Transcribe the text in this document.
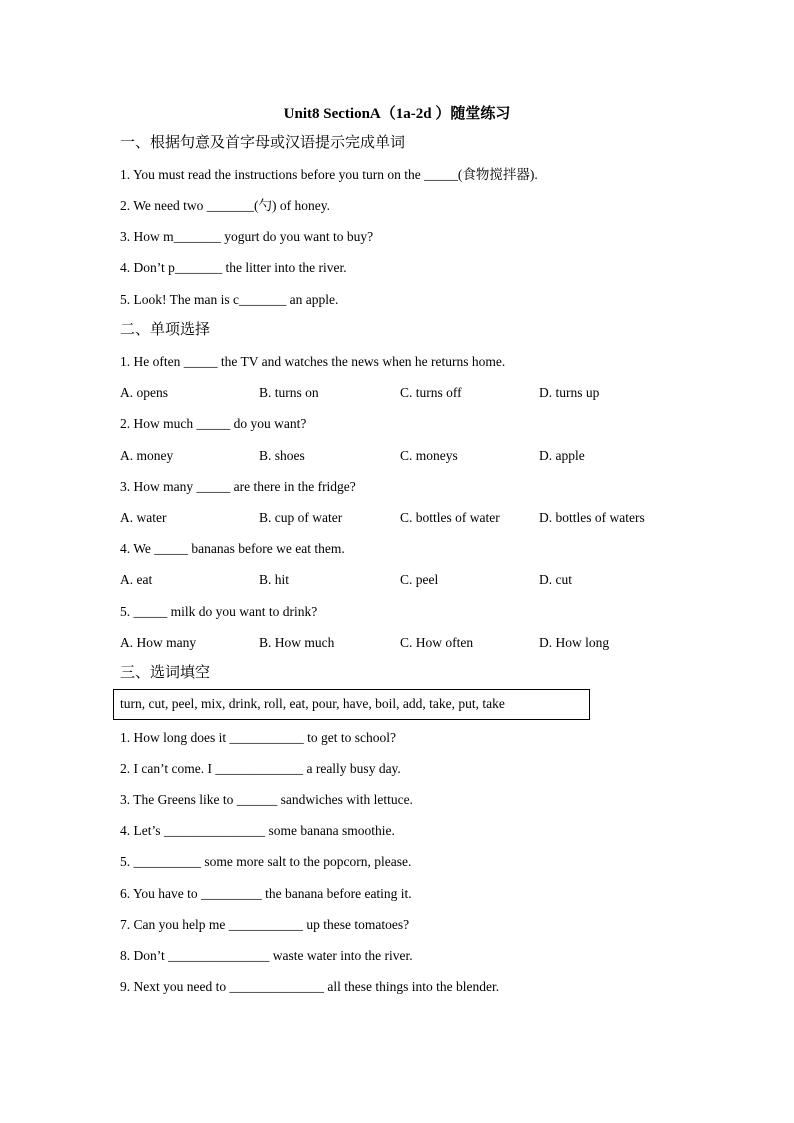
Unit8 SectionA（1a-2d ）随堂练习
一、根据句意及首字母或汉语提示完成单词
1. You must read the instructions before you turn on the _____(食物搅拌器).
2. We need two _______(勺) of honey.
3. How m_______ yogurt do you want to buy?
4. Don’t p_______ the litter into the river.
5. Look! The man is c_______ an apple.
二、单项选择
1. He often _____ the TV and watches the news when he returns home.
A. opens	B. turns on	C. turns off	D. turns up
2. How much _____ do you want?
A. money	B. shoes	C. moneys	D. apple
3. How many _____ are there in the fridge?
A. water	B. cup of water	C. bottles of water	D. bottles of waters
4. We _____ bananas before we eat them.
A. eat	B. hit	C. peel	D. cut
5. _____ milk do you want to drink?
A. How many	B. How much	C. How often	D. How long
三、选词填空
turn, cut, peel, mix, drink, roll, eat, pour, have, boil, add, take, put, take
1. How long does it ___________ to get to school?
2. I can’t come. I _____________ a really busy day.
3. The Greens like to ______ sandwiches with lettuce.
4. Let’s _______________ some banana smoothie.
5. __________ some more salt to the popcorn, please.
6. You have to _________ the banana before eating it.
7. Can you help me ___________ up these tomatoes?
8. Don’t _______________ waste water into the river.
9. Next you need to ______________ all these things into the blender.
